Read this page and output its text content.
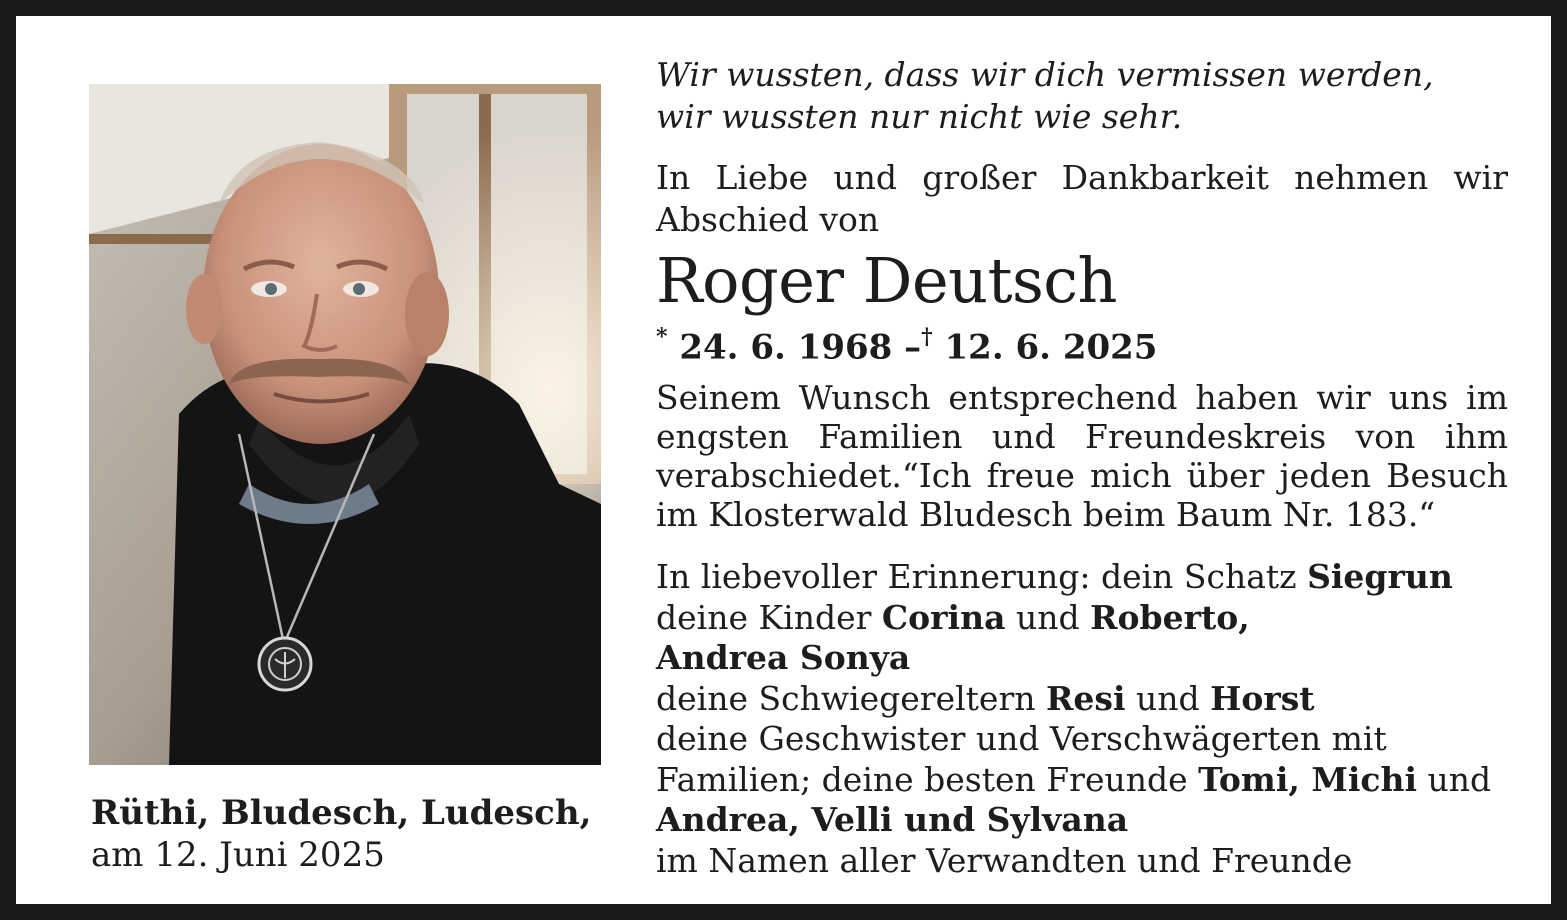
Rüthi, Bludesch, Ludesch,
am 12. Juni 2025
Wir wussten, dass wir dich vermissen werden,
wir wussten nur nicht wie sehr.
In Liebe und großer Dankbarkeit nehmen wir Abschied von
Roger Deutsch
* 24. 6. 1968 –† 12. 6. 2025
Seinem Wunsch entsprechend haben wir uns im engsten Familien und Freundeskreis von ihm verabschiedet.“Ich freue mich über jeden Besuch im Klosterwald Bludesch beim Baum Nr. 183.“
In liebevoller Erinnerung: dein Schatz Siegrun
deine Kinder Corina und Roberto,
Andrea Sonya
deine Schwiegereltern Resi und Horst
deine Geschwister und Verschwägerten mit
Familien; deine besten Freunde Tomi, Michi und
Andrea, Velli und Sylvana
im Namen aller Verwandten und Freunde
